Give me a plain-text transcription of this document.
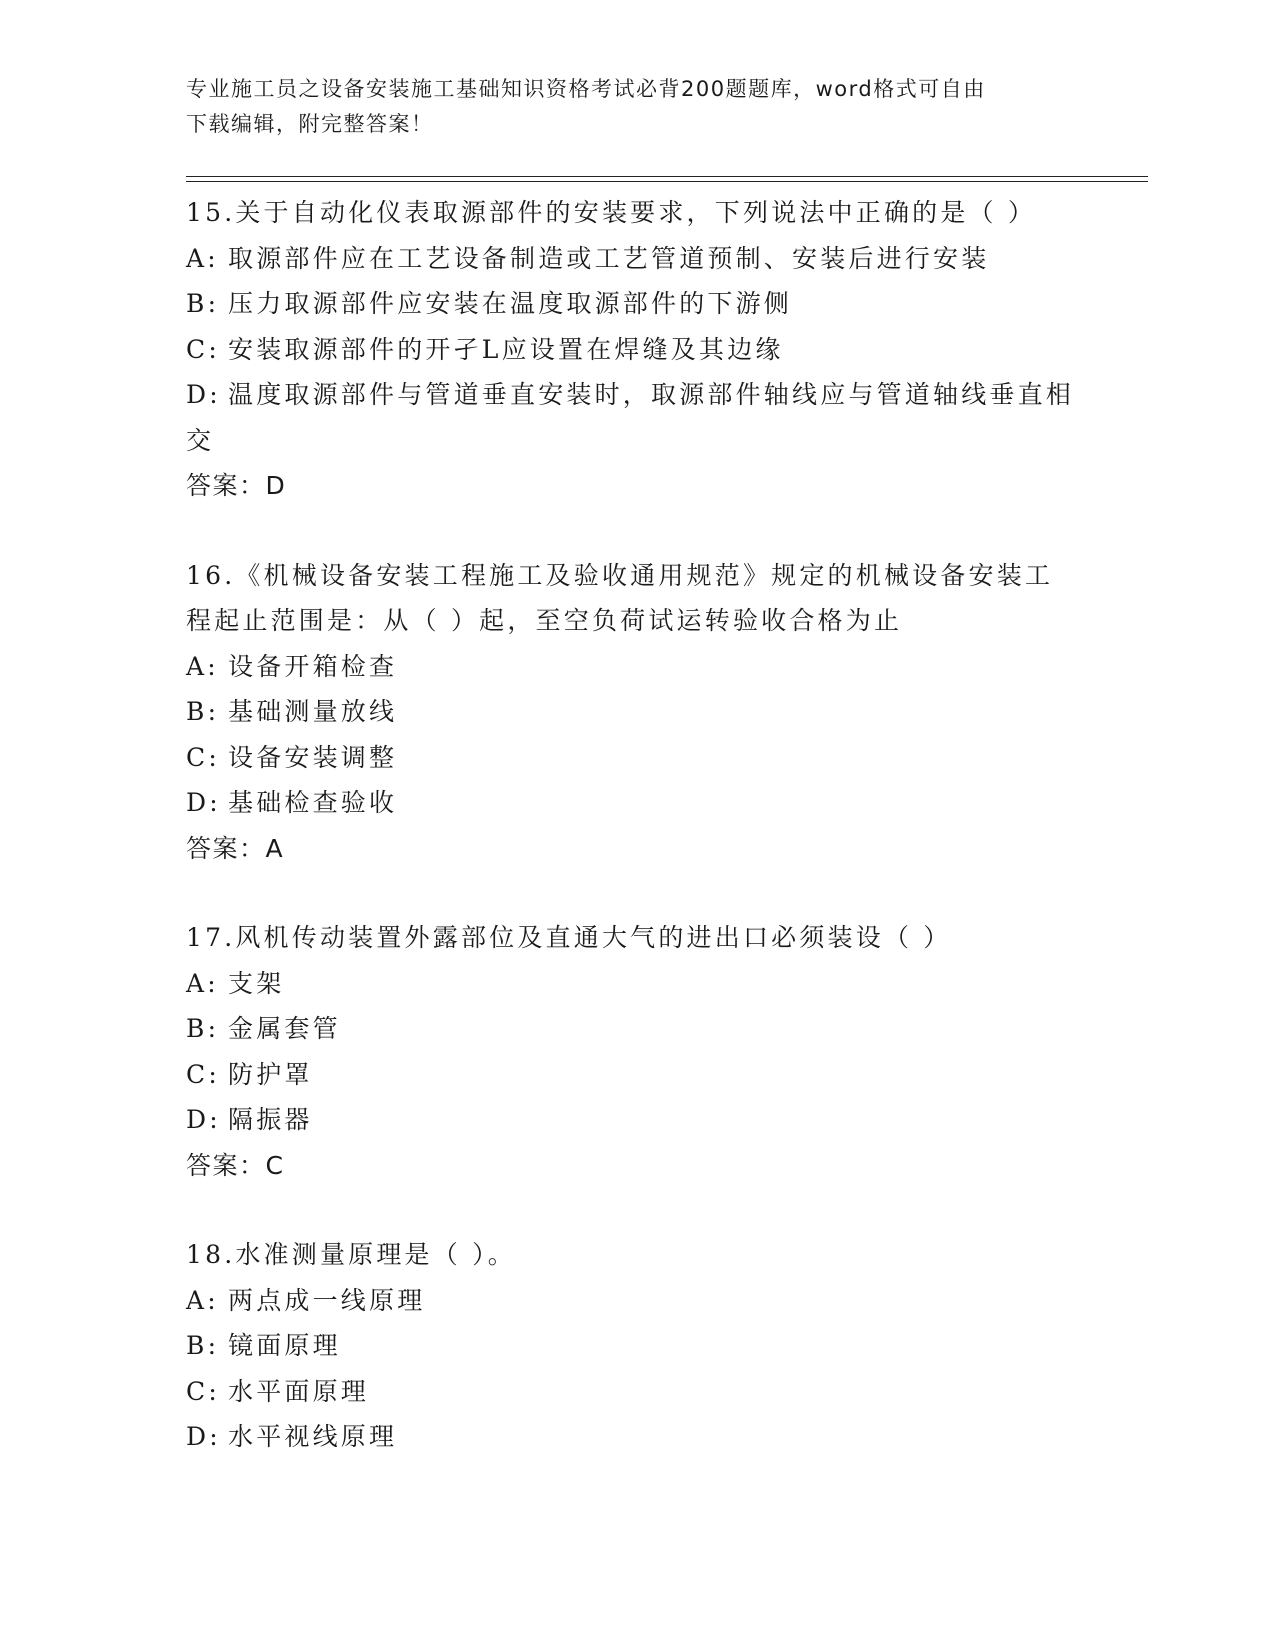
专业施工员之设备安装施工基础知识资格考试必背200题题库，word格式可自由
下载编辑，附完整答案！
15.关于自动化仪表取源部件的安装要求，下列说法中正确的是（ ）
A: 取源部件应在工艺设备制造或工艺管道预制、安装后进行安装
B: 压力取源部件应安装在温度取源部件的下游侧
C: 安装取源部件的开孑L应设置在焊缝及其边缘
D: 温度取源部件与管道垂直安装时，取源部件轴线应与管道轴线垂直相交
答案：D
16.《机械设备安装工程施工及验收通用规范》规定的机械设备安装工程起止范围是：从（ ）起，至空负荷试运转验收合格为止
A: 设备开箱检查
B: 基础测量放线
C: 设备安装调整
D: 基础检查验收
答案：A
17.风机传动装置外露部位及直通大气的进出口必须装设（ ）
A: 支架
B: 金属套管
C: 防护罩
D: 隔振器
答案：C
18.水准测量原理是（ ）。
A: 两点成一线原理
B: 镜面原理
C: 水平面原理
D: 水平视线原理
